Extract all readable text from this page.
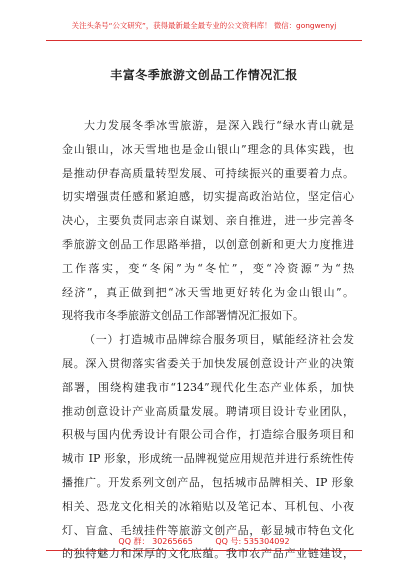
关注头条号“公文研究”，获得最新最全最专业的公文资料库！ 微信：gongwenyj
丰富冬季旅游文创品工作情况汇报
大力发展冬季冰雪旅游，是深入践行“绿水青山就是
金山银山，冰天雪地也是金山银山”理念的具体实践，也
是推动伊春高质量转型发展、可持续振兴的重要着力点。
切实增强责任感和紧迫感，切实提高政治站位，坚定信心
决心，主要负责同志亲自谋划、亲自推进，进一步完善冬
季旅游文创品工作思路举措，以创意创新和更大力度推进
工作落实，变“冬闲”为“冬忙”，变“冷资源”为“热
经济”，真正做到把“冰天雪地更好转化为金山银山”。
现将我市冬季旅游文创品工作部署情况汇报如下。
（一）打造城市品牌综合服务项目，赋能经济社会发
展。深入贯彻落实省委关于加快发展创意设计产业的决策
部署，围绕构建我市“1234”现代化生态产业体系，加快
推动创意设计产业高质量发展。聘请项目设计专业团队，
积极与国内优秀设计有限公司合作，打造综合服务项目和
城市 IP 形象，形成统一品牌视觉应用规范并进行系统性传
播推广。开发系列文创产品，包括城市品牌相关、IP 形象
相关、恐龙文化相关的冰箱贴以及笔记本、耳机包、小夜
灯、盲盒、毛绒挂件等旅游文创产品，彰显城市特色文化
的独特魅力和深厚的文化底蕴。我市农产品产业链建设，
QQ 群： 30265665	QQ 号: 535304092
